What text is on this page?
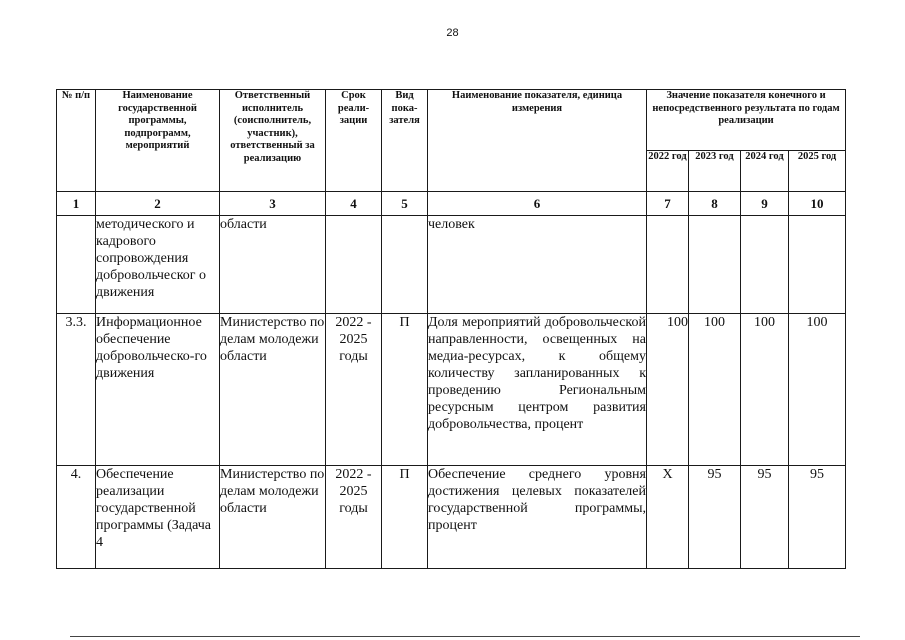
28
№ п/п	Наименование государственной программы, подпрограмм, мероприятий	Ответственный исполнитель (соисполнитель, участник), ответственный за реализацию	Срок реали-зации	Вид пока-зателя	Наименование показателя, единица измерения	Значение показателя конечного и непосредственного результата по годам реализации			
						2022 год	2023 год	2024 год	2025 год
1	2	3	4	5	6	7	8	9	10
	методического и кадрового сопровождения добровольческог о движения	области			человек				
3.3.	Информационное обеспечение добровольческо-го движения	Министерство по делам молодежи области	2022 - 2025 годы	П	Доля мероприятий добровольческой направленности, освещенных на медиа-ресурсах, к общему количеству запланированных к проведению Региональным ресурсным центром развития добровольчества, процент	100	100	100	100
4.	Обеспечение реализации государственной программы (Задача 4	Министерство по делам молодежи области	2022 - 2025 годы	П	Обеспечение среднего уровня достижения целевых показателей государственной программы, процент	Х	95	95	95
